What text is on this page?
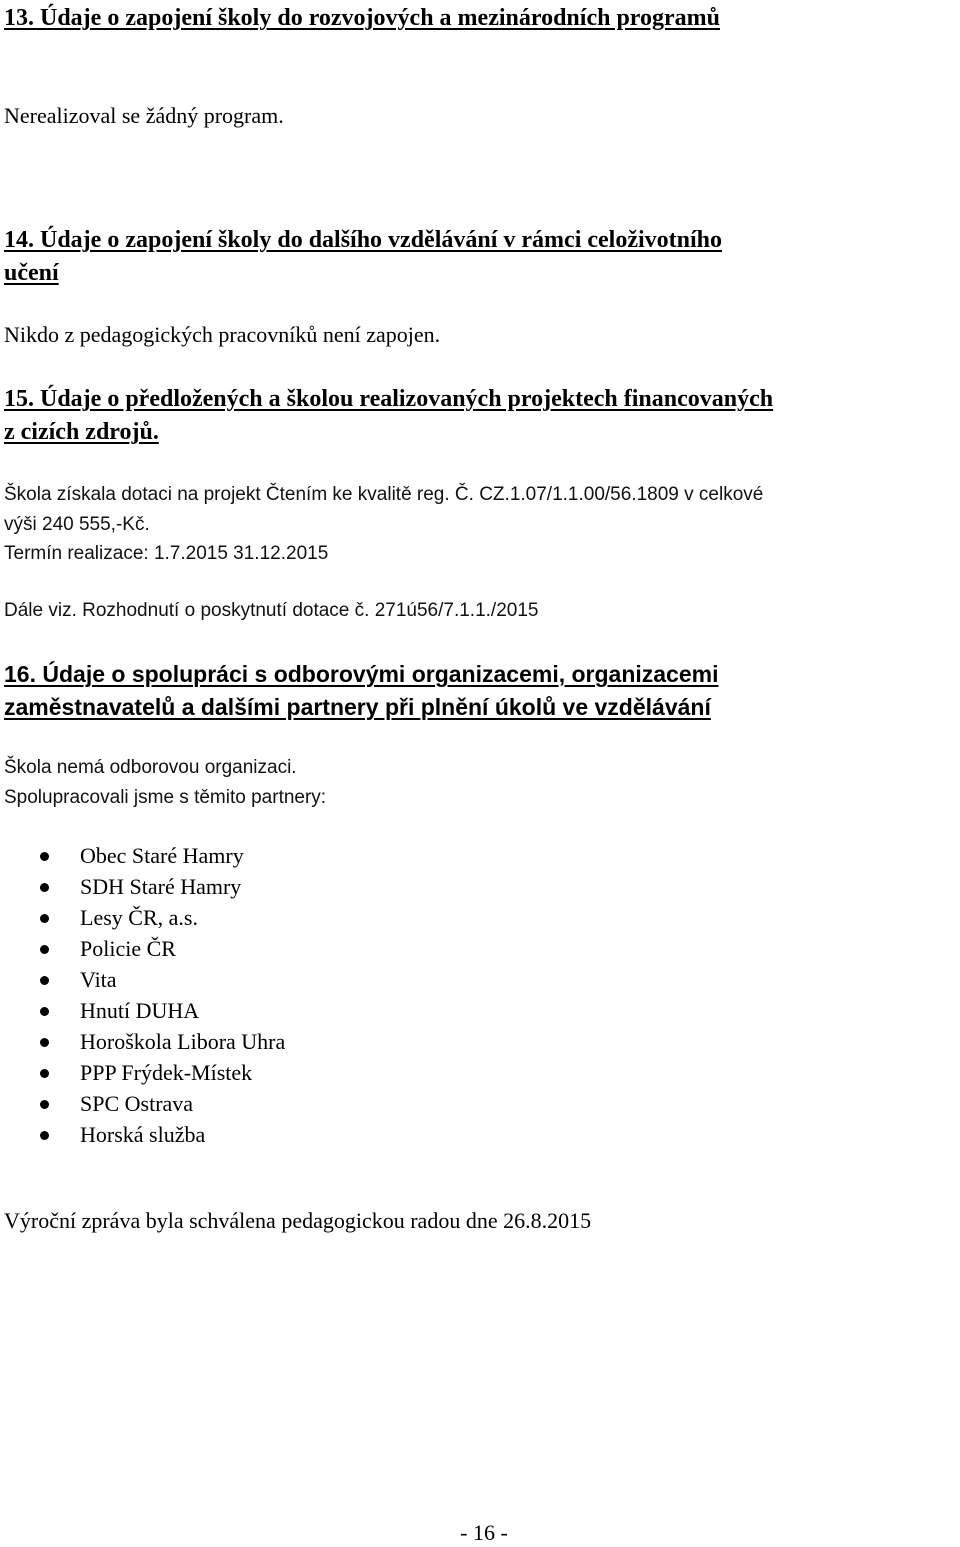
13. Údaje o zapojení školy do rozvojových a mezinárodních programů
Nerealizoval se žádný program.
14. Údaje o zapojení školy do dalšího vzdělávání v rámci celoživotního
učení
Nikdo z pedagogických pracovníků není zapojen.
15. Údaje o předložených a školou realizovaných projektech financovaných
z cizích zdrojů.
Škola získala dotaci na projekt Čtením ke kvalitě reg. Č. CZ.1.07/1.1.00/56.1809 v celkové
výši 240 555,-Kč.
Termín realizace: 1.7.2015 31.12.2015
Dále viz. Rozhodnutí o poskytnutí dotace č. 271ú56/7.1.1./2015
16. Údaje o spolupráci s odborovými organizacemi, organizacemi
zaměstnavatelů a dalšími partnery při plnění úkolů ve vzdělávání
Škola nemá odborovou organizaci.
Spolupracovali jsme s těmito partnery:
Obec Staré Hamry
SDH Staré Hamry
Lesy ČR, a.s.
Policie ČR
Vita
Hnutí DUHA
Horoškola Libora Uhra
PPP Frýdek-Místek
SPC Ostrava
Horská služba
Výroční zpráva byla schválena pedagogickou radou dne 26.8.2015
- 16 -
